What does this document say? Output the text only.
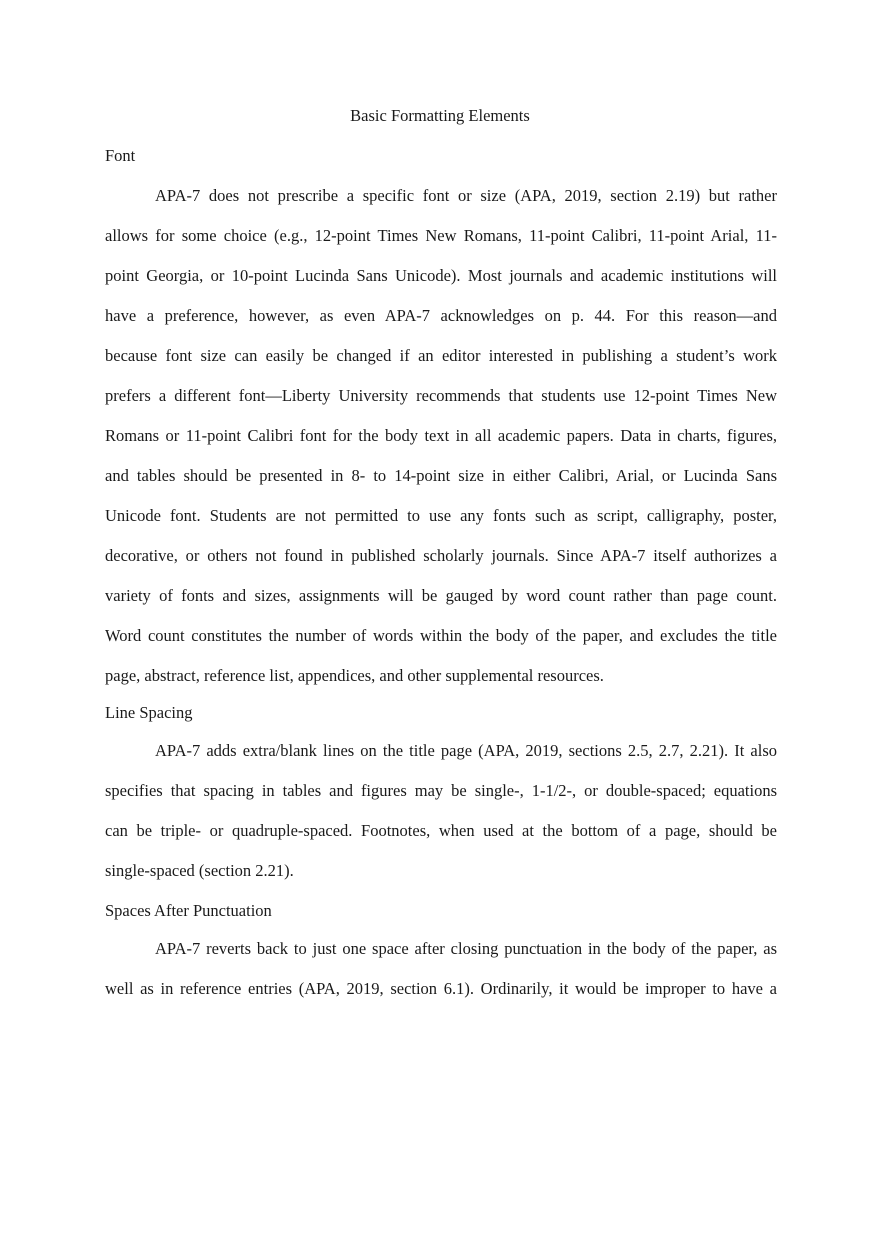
Basic Formatting Elements
Font
APA-7 does not prescribe a specific font or size (APA, 2019, section 2.19) but rather
allows for some choice (e.g., 12-point Times New Romans, 11-point Calibri, 11-point Arial, 11-
point Georgia, or 10-point Lucinda Sans Unicode). Most journals and academic institutions will
have a preference, however, as even APA-7 acknowledges on p. 44. For this reason—and
because font size can easily be changed if an editor interested in publishing a student’s work
prefers a different font—Liberty University recommends that students use 12-point Times New
Romans or 11-point Calibri font for the body text in all academic papers. Data in charts, figures,
and tables should be presented in 8- to 14-point size in either Calibri, Arial, or Lucinda Sans
Unicode font. Students are not permitted to use any fonts such as script, calligraphy, poster,
decorative, or others not found in published scholarly journals. Since APA-7 itself authorizes a
variety of fonts and sizes, assignments will be gauged by word count rather than page count.
Word count constitutes the number of words within the body of the paper, and excludes the title
page, abstract, reference list, appendices, and other supplemental resources.
Line Spacing
APA-7 adds extra/blank lines on the title page (APA, 2019, sections 2.5, 2.7, 2.21). It also
specifies that spacing in tables and figures may be single-, 1-1/2-, or double-spaced; equations
can be triple- or quadruple-spaced. Footnotes, when used at the bottom of a page, should be
single-spaced (section 2.21).
Spaces After Punctuation
APA-7 reverts back to just one space after closing punctuation in the body of the paper, as
well as in reference entries (APA, 2019, section 6.1). Ordinarily, it would be improper to have a
